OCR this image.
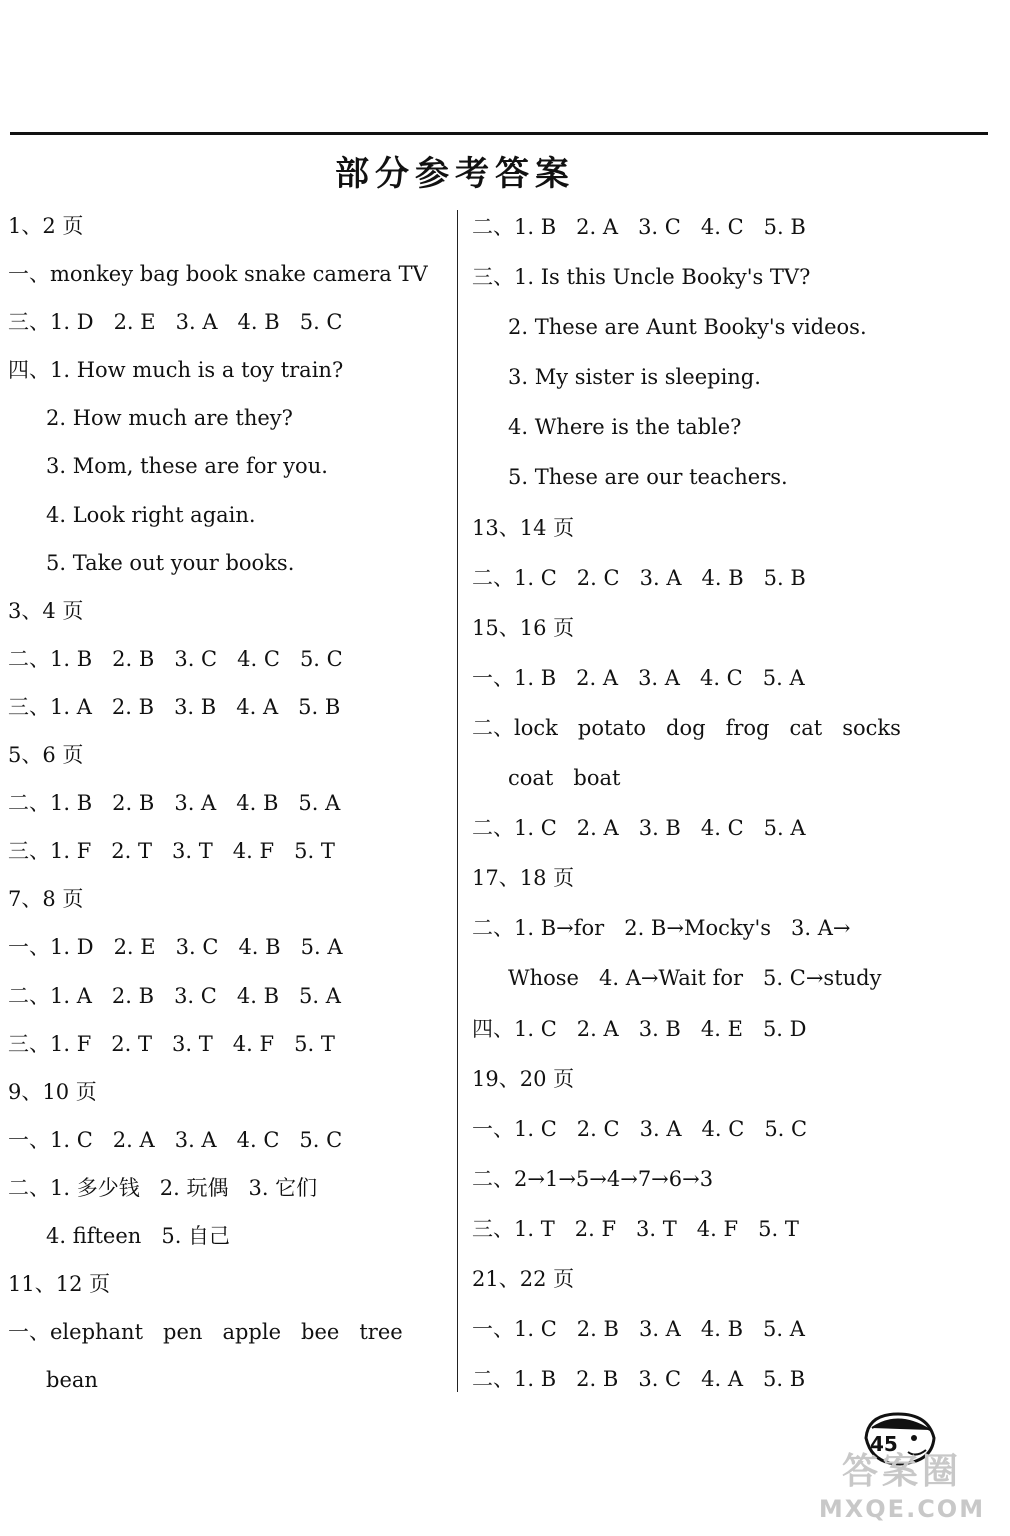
部分参考答案
1、2 页
一、monkey bag book snake camera TV
三、1. D   2. E   3. A   4. B   5. C
四、1. How much is a toy train?
2. How much are they?
3. Mom, these are for you.
4. Look right again.
5. Take out your books.
3、4 页
二、1. B   2. B   3. C   4. C   5. C
三、1. A   2. B   3. B   4. A   5. B
5、6 页
二、1. B   2. B   3. A   4. B   5. A
三、1. F   2. T   3. T   4. F   5. T
7、8 页
一、1. D   2. E   3. C   4. B   5. A
二、1. A   2. B   3. C   4. B   5. A
三、1. F   2. T   3. T   4. F   5. T
9、10 页
一、1. C   2. A   3. A   4. C   5. C
二、1. 多少钱   2. 玩偶   3. 它们
4. fifteen   5. 自己
11、12 页
一、elephant   pen   apple   bee   tree
bean
二、1. B   2. A   3. C   4. C   5. B
三、1. Is this Uncle Booky's TV?
2. These are Aunt Booky's videos.
3. My sister is sleeping.
4. Where is the table?
5. These are our teachers.
13、14 页
二、1. C   2. C   3. A   4. B   5. B
15、16 页
一、1. B   2. A   3. A   4. C   5. A
二、lock   potato   dog   frog   cat   socks
coat   boat
二、1. C   2. A   3. B   4. C   5. A
17、18 页
二、1. B→for   2. B→Mocky's   3. A→
Whose   4. A→Wait for   5. C→study
四、1. C   2. A   3. B   4. E   5. D
19、20 页
一、1. C   2. C   3. A   4. C   5. C
二、2→1→5→4→7→6→3
三、1. T   2. F   3. T   4. F   5. T
21、22 页
一、1. C   2. B   3. A   4. B   5. A
二、1. B   2. B   3. C   4. A   5. B
45
答案圈
MXQE.COM
